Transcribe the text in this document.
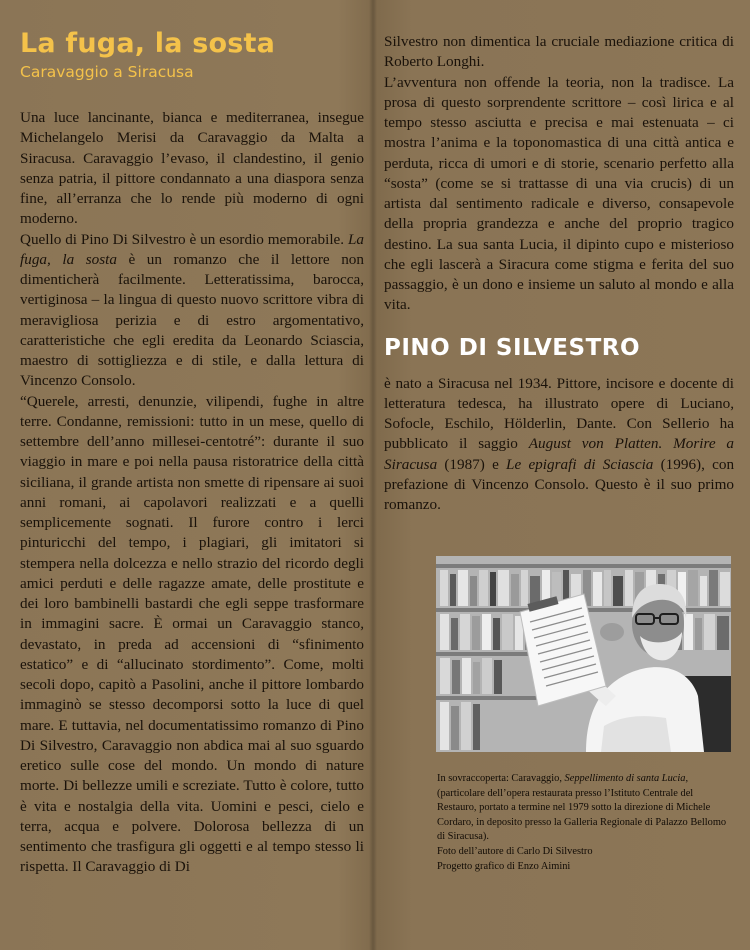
La fuga, la sosta
Caravaggio a Siracusa

Una luce lancinante, bianca e mediterranea, insegue Michelangelo Merisi da Caravaggio da Malta a Siracusa. Caravaggio l’evaso, il clandestino, il genio senza patria, il pittore condannato a una diaspora senza fine, all’erranza che lo rende più moderno di ogni moderno.

Quello di Pino Di Silvestro è un esordio memorabile. La fuga, la sosta è un romanzo che il lettore non dimenticherà facilmente. Letteratissima, barocca, vertiginosa – la lingua di questo nuovo scrittore vibra di meravigliosa perizia e di estro argomentativo, caratteristiche che egli eredita da Leonardo Sciascia, maestro di sottigliezza e di stile, e dalla lettura di Vincenzo Consolo.

“Querele, arresti, denunzie, vilipendi, fughe in altre terre. Condanne, remissioni: tutto in un mese, quello di settembre dell’anno millesei-centotré”: durante il suo viaggio in mare e poi nella pausa ristoratrice della città siciliana, il grande artista non smette di ripensare ai suoi anni romani, ai capolavori realizzati e a quelli semplicemente sognati. Il furore contro i lerci pinturicchi del tempo, i plagiari, gli imitatori si stempera nella dolcezza e nello strazio del ricordo degli amici perduti e delle ragazze amate, delle prostitute e dei loro bambinelli bastardi che egli seppe trasformare in immagini sacre. È ormai un Caravaggio stanco, devastato, in preda ad accensioni di “sfinimento estatico” e di “allucinato stordimento”. Come, molti secoli dopo, capitò a Pasolini, anche il pittore lombardo immaginò se stesso decomporsi sotto la luce di quel mare. E tuttavia, nel documentatissimo romanzo di Pino Di Silvestro, Caravaggio non abdica mai al suo sguardo eretico sulle cose del mondo. Un mondo di nature morte. Di bellezze umili e screziate. Tutto è colore, tutto è vita e nostalgia della vita. Uomini e pesci, cielo e terra, acqua e polvere. Dolorosa bellezza di un sentimento che trasfigura gli oggetti e al tempo stesso li rispetta. Il Caravaggio di Di

Silvestro non dimentica la cruciale mediazione critica di Roberto Longhi.

L’avventura non offende la teoria, non la tradisce. La prosa di questo sorprendente scrittore – così lirica e al tempo stesso asciutta e precisa e mai estenuata – ci mostra l’anima e la toponomastica di una città antica e perduta, ricca di umori e di storie, scenario perfetto alla “sosta” (come se si trattasse di una via crucis) di un artista dal sentimento radicale e diverso, consapevole della propria grandezza e anche del proprio tragico destino. La sua santa Lucia, il dipinto cupo e misterioso che egli lascerà a Siracura come stigma e ferita del suo passaggio, è un dono e insieme un saluto al mondo e alla vita.

PINO DI SILVESTRO

è nato a Siracusa nel 1934. Pittore, incisore e docente di letteratura tedesca, ha illustrato opere di Luciano, Sofocle, Eschilo, Hölderlin, Dante. Con Sellerio ha pubblicato il saggio August von Platten. Morire a Siracusa (1987) e Le epigrafi di Sciascia (1996), con prefazione di Vincenzo Consolo. Questo è il suo primo romanzo.

In sovraccoperta: Caravaggio, Seppellimento di santa Lucia,
(particolare dell’opera restaurata presso l’Istituto Centrale del Restauro, portato a termine nel 1979 sotto la direzione di Michele Cordaro, in deposito presso la Galleria Regionale di Palazzo Bellomo di Siracusa).
Foto dell’autore di Carlo Di Silvestro
Progetto grafico di Enzo Aimini
